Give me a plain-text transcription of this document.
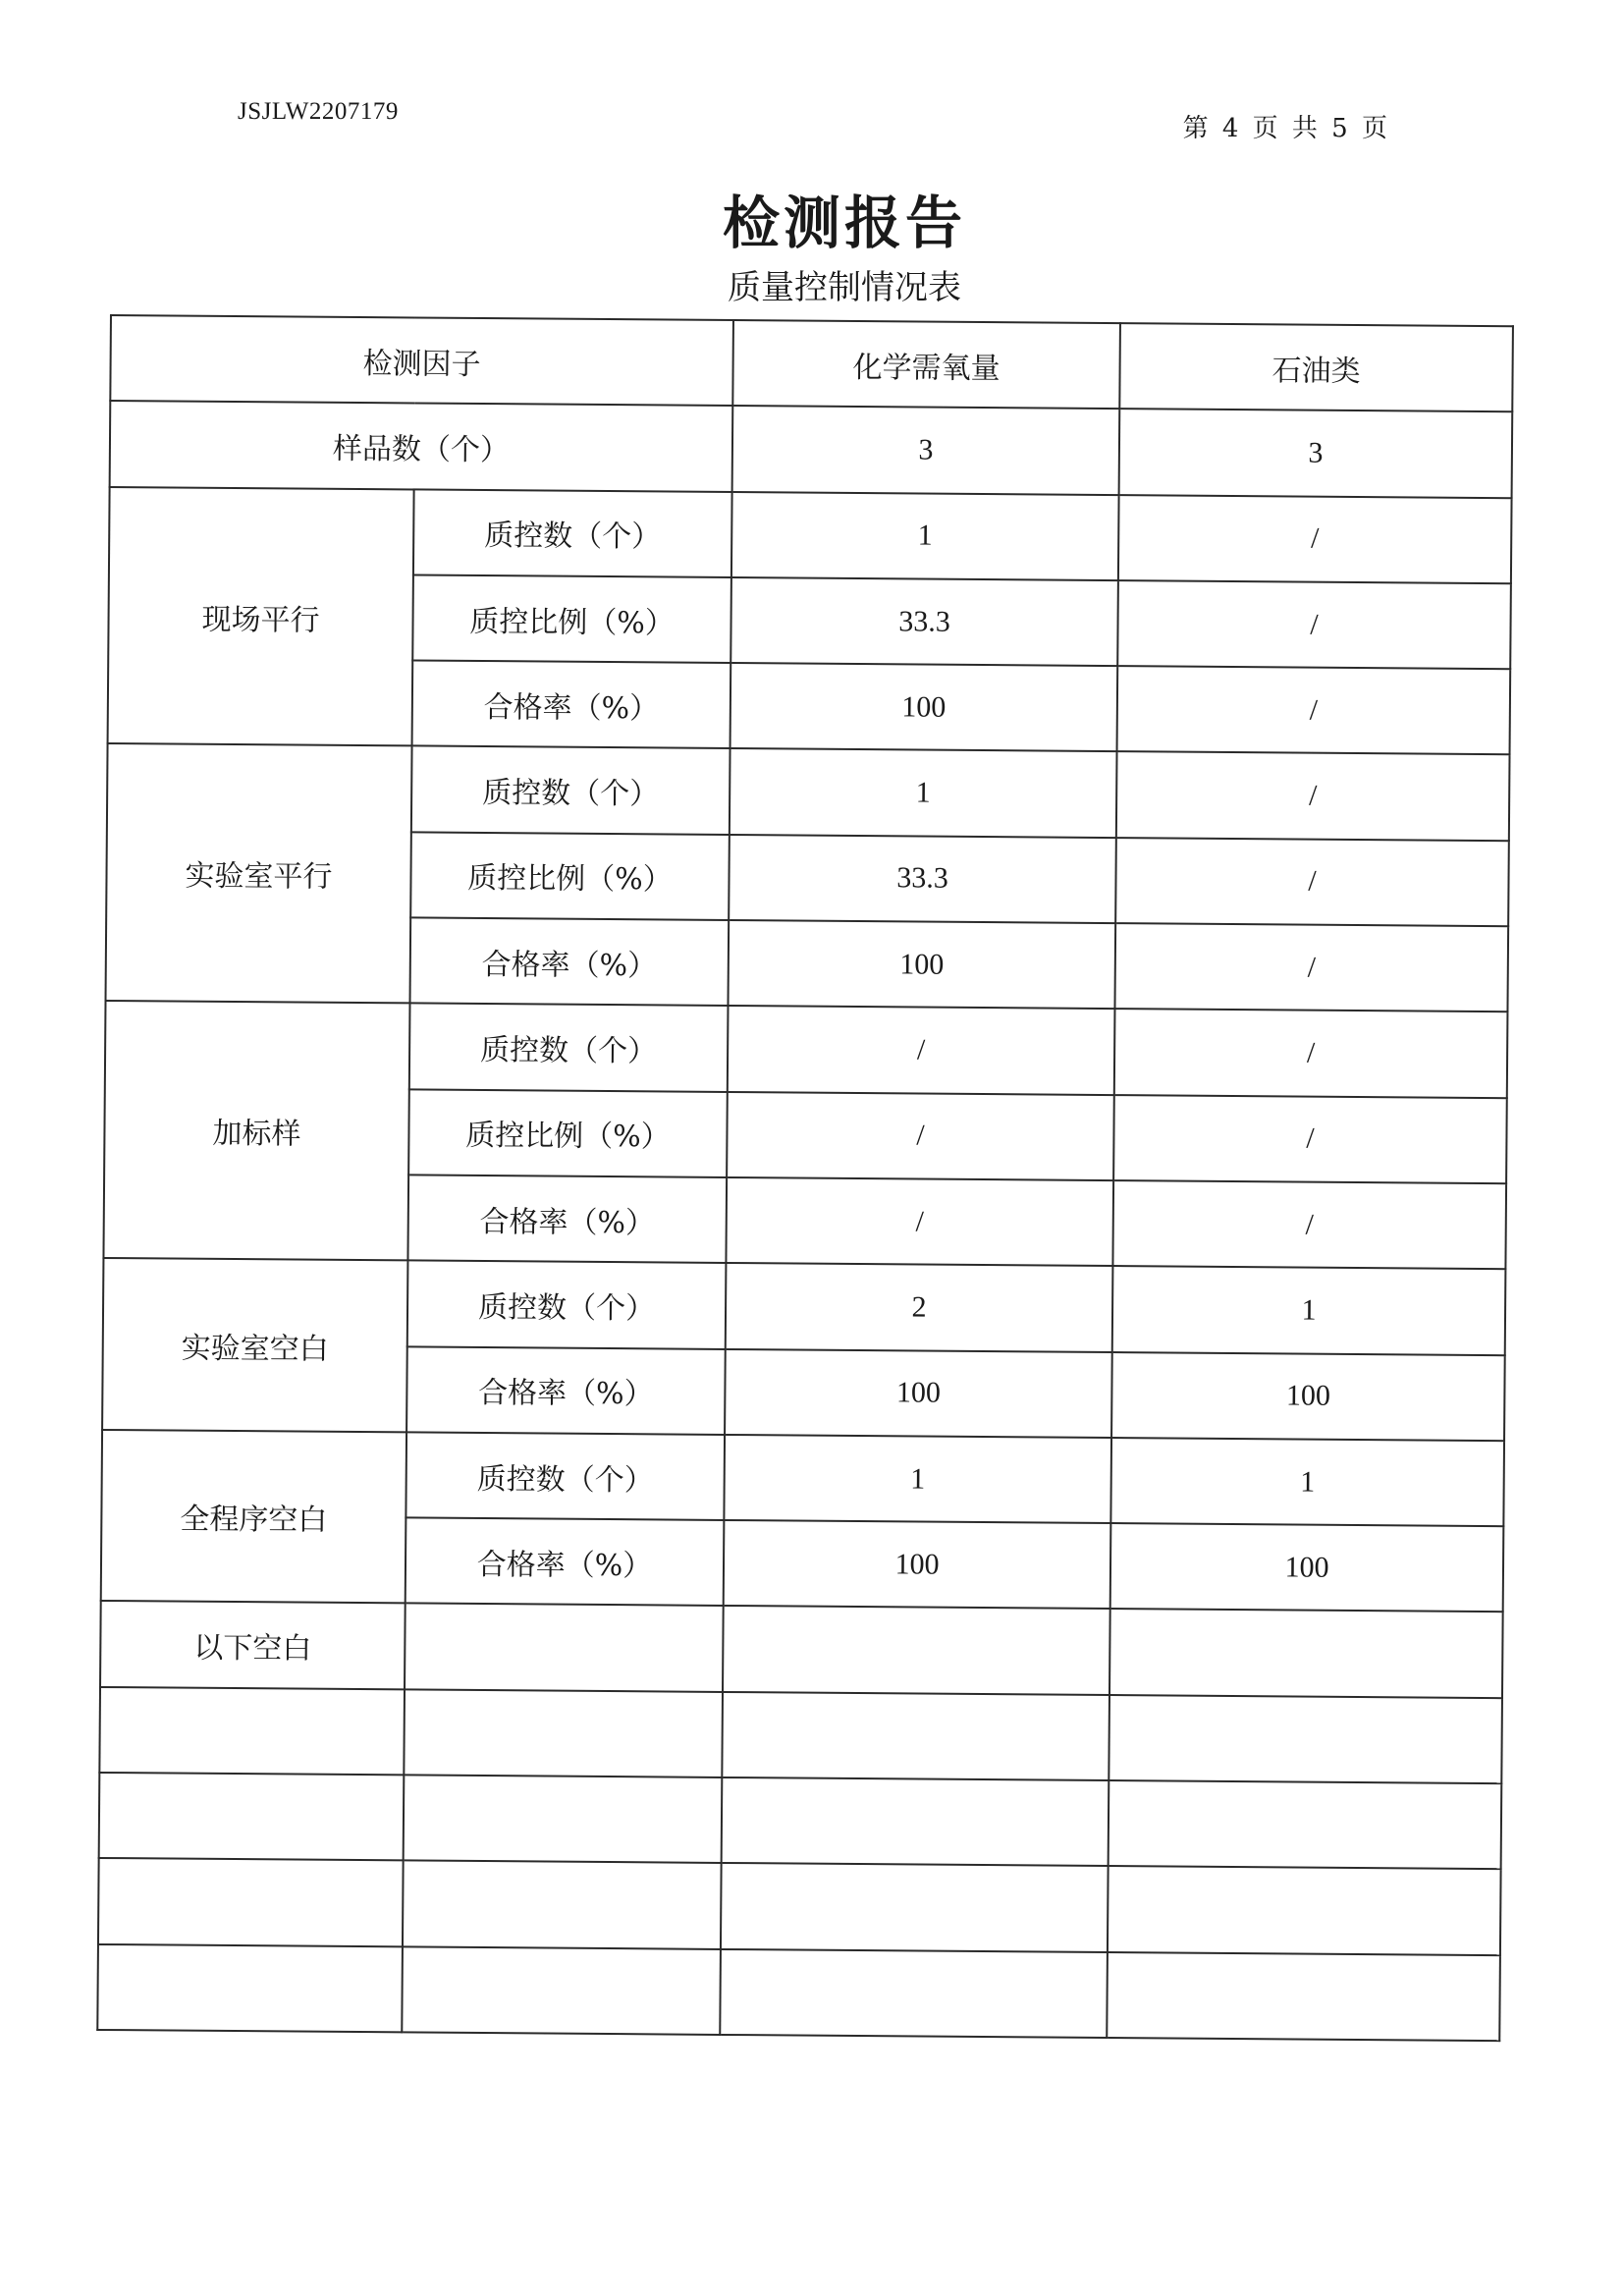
JSJLW2207179
第 4 页 共 5 页
检测报告
质量控制情况表
检测因子		化学需氧量	石油类
样品数（个）		3	3
现场平行	质控数（个）	1	/
	质控比例（%）	33.3	/
	合格率（%）	100	/
实验室平行	质控数（个）	1	/
	质控比例（%）	33.3	/
	合格率（%）	100	/
加标样	质控数（个）	/	/
	质控比例（%）	/	/
	合格率（%）	/	/
实验室空白	质控数（个）	2	1
	合格率（%）	100	100
全程序空白	质控数（个）	1	1
	合格率（%）	100	100
以下空白			
